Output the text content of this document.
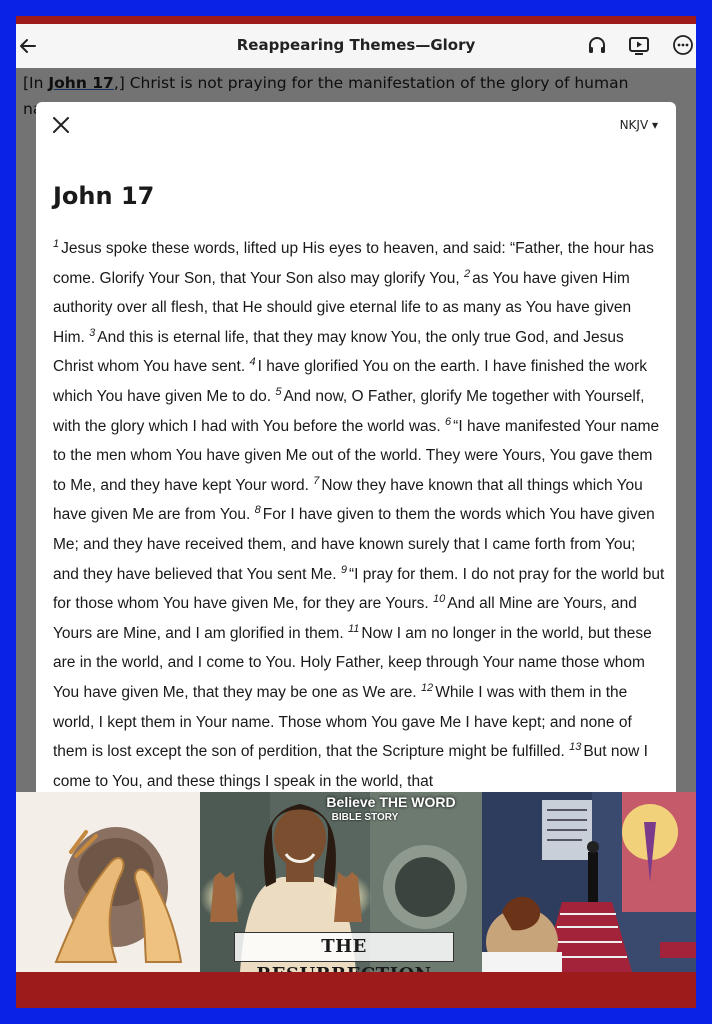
Reappearing Themes—Glory
NKJV ▾
John 17
$^1$ Jesus spoke these words, lifted up His eyes to heaven, and said: “Father, the hour has come. Glorify Your Son, that Your Son also may glorify You, $^2$ as You have given Him authority over all flesh, that He should give eternal life to as many as You have given Him. $^3$ And this is eternal life, that they may know You, the only true God, and Jesus Christ whom You have sent. $^4$ I have glorified You on the earth. I have finished the work which You have given Me to do. $^5$ And now, O Father, glorify Me together with Yourself, with the glory which I had with You before the world was. $^6$ “I have manifested Your name to the men whom You have given Me out of the world. They were Yours, You gave them to Me, and they have kept Your word. $^7$ Now they have known that all things which You have given Me are from You. $^8$ For I have given to them the words which You have given Me; and they have received them, and have known surely that I came forth from You; and they have believed that You sent Me. $^9$ “I pray for them. I do not pray for the world but for those whom You have given Me, for they are Yours. $^{10}$ And all Mine are Yours, and Yours are Mine, and I am glorified in them. $^{11}$ Now I am no longer in the world, but these are in the world, and I come to You. Holy Father, keep through Your name those whom You have given Me, that they may be one as We are. $^{12}$ While I was with them in the world, I kept them in Your name. Those whom You gave Me I have kept; and none of them is lost except the son of perdition, that the Scripture might be fulfilled. $^{13}$ But now I come to You, and these things I speak in the world, that
Believe THE WORD
BIBLE STORY
THE
